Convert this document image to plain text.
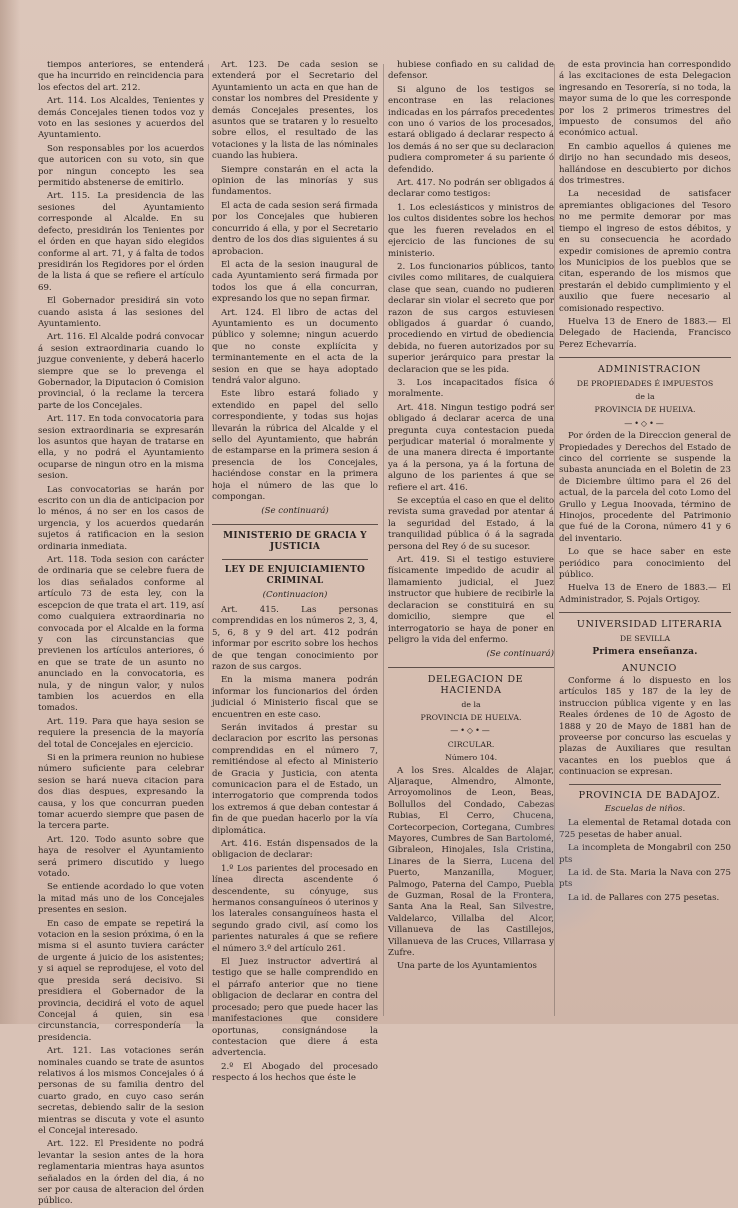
tiempos anteriores, se entenderá que ha incurrido en reincidencia para los efectos del art. 212.

Art. 114. Los Alcaldes, Tenientes y demás Concejales tienen todos voz y voto en las sesiones y acuerdos del Ayuntamiento.

Son responsables por los acuerdos que autoricen con su voto, sin que por ningun concepto les sea permitido abstenerse de emitirlo.

Art. 115. La presidencia de las sesiones del Ayuntamiento corresponde al Alcalde. En su defecto, presidirán los Tenientes por el órden en que hayan sido elegidos conforme al art. 71, y á falta de todos presidirán los Regidores por el órden de la lista á que se refiere el artículo 69.

El Gobernador presidirá sin voto cuando asista á las sesiones del Ayuntamiento.

Art. 116. El Alcalde podrá convocar á sesion extraordinaria cuando lo juzgue conveniente, y deberá hacerlo siempre que se lo prevenga el Gobernador, la Diputacion ó Comision provincial, ó la reclame la tercera parte de los Concejales.

Art. 117. En toda convocatoria para sesion extraordinaria se expresarán los asuntos que hayan de tratarse en ella, y no podrá el Ayuntamiento ocuparse de ningun otro en la misma sesion.

Las convocatorias se harán por escrito con un dia de anticipacion por lo ménos, á no ser en los casos de urgencia, y los acuerdos quedarán sujetos á ratificacion en la sesion ordinaria inmediata.

Art. 118. Toda sesion con carácter de ordinaria que se celebre fuera de los dias señalados conforme al artículo 73 de esta ley, con la escepcion de que trata el art. 119, así como cualquiera extraordinaria no convocada por el Alcalde en la forma y con las circunstancias que previenen los artículos anteriores, ó en que se trate de un asunto no anunciado en la convocatoria, es nula, y de ningun valor, y nulos tambien los acuerdos en ella tomados.

Art. 119. Para que haya sesion se requiere la presencia de la mayoría del total de Concejales en ejercicio.

Si en la primera reunion no hubiese número suficiente para celebrar sesion se hará nueva citacion para dos dias despues, expresando la causa, y los que concurran pueden tomar acuerdo siempre que pasen de la tercera parte.

Art. 120. Todo asunto sobre que haya de resolver el Ayuntamiento será primero discutido y luego votado.

Se entiende acordado lo que voten la mitad más uno de los Concejales presentes en sesion.

En caso de empate se repetirá la votacion en la sesion próxima, ó en la misma si el asunto tuviera carácter de urgente á juicio de los asistentes; y si aquel se reprodujese, el voto del que presida será decisivo. Si presidiera el Gobernador de la provincia, decidirá el voto de aquel Concejal á quien, sin esa circunstancia, correspondería la presidencia.

Art. 121. Las votaciones serán nominales cuando se trate de asuntos relativos á los mismos Concejales ó á personas de su familia dentro del cuarto grado, en cuyo caso serán secretas, debiendo salir de la sesion mientras se discuta y vote el asunto el Concejal interesado.

Art. 122. El Presidente no podrá levantar la sesion antes de la hora reglamentaria mientras haya asuntos señalados en la órden del dia, á no ser por causa de alteracion del órden público.

Art. 123. De cada sesion se extenderá por el Secretario del Ayuntamiento un acta en que han de constar los nombres del Presidente y demás Concejales presentes, los asuntos que se trataren y lo resuelto sobre ellos, el resultado de las votaciones y la lista de las nóminales cuando las hubiera.

Siempre constarán en el acta la opinion de las minorías y sus fundamentos.

El acta de cada sesion será firmada por los Concejales que hubieren concurrido á ella, y por el Secretario dentro de los dos dias siguientes á su aprobacion.

El acta de la sesion inaugural de cada Ayuntamiento será firmada por todos los que á ella concurran, expresando los que no sepan firmar.

Art. 124. El libro de actas del Ayuntamiento es un documento público y solemne; ningun acuerdo que no conste expliícita y terminantemente en el acta de la sesion en que se haya adoptado tendrá valor alguno.

Este libro estará foliado y extendido en papel del sello correspondiente, y todas sus hojas llevarán la rúbrica del Alcalde y el sello del Ayuntamiento, que habrán de estamparse en la primera sesion á presencia de los Concejales, haciéndose constar en la primera hoja el número de las que lo compongan.

(Se continuará)

MINISTERIO DE GRACIA Y JUSTICIA

LEY DE ENJUICIAMIENTO CRIMINAL

(Continuacion)

Art. 415. Las personas comprendidas en los números 2, 3, 4, 5, 6, 8 y 9 del art. 412 podrán informar por escrito sobre los hechos de que tengan conocimiento por razon de sus cargos.

En la misma manera podrán informar los funcionarios del órden judicial ó Ministerio fiscal que se encuentren en este caso.

Serán invitados á prestar su declaracion por escrito las personas comprendidas en el número 7, remitiéndose al efecto al Ministerio de Gracia y Justicia, con atenta comunicacion para el de Estado, un interrogatorio que comprenda todos los extremos á que deban contestar á fin de que puedan hacerlo por la vía diplomática.

Art. 416. Están dispensados de la obligacion de declarar:

1.º Los parientes del procesado en línea directa ascendente ó descendente, su cónyuge, sus hermanos consanguíneos ó uterinos y los laterales consanguíneos hasta el segundo grado civil, así como los parientes naturales á que se refiere el número 3.º del artículo 261.

El Juez instructor advertirá al testigo que se halle comprendido en el párrafo anterior que no tiene obligacion de declarar en contra del procesado; pero que puede hacer las manifestaciones que considere oportunas, consignándose la contestacion que diere á esta advertencia.

2.º El Abogado del procesado respecto á los hechos que éste le

hubiese confiado en su calidad de defensor.

Si alguno de los testigos se encontrase en las relaciones indicadas en los párrafos precedentes con uno ó varios de los procesados, estará obligado á declarar respecto á los demás á no ser que su declaracion pudiera comprometer á su pariente ó defendido.

Art. 417. No podrán ser obligados á declarar como testigos:

1. Los eclesiásticos y ministros de los cultos disidentes sobre los hechos que les fueren revelados en el ejercicio de las funciones de su ministerio.

2. Los funcionarios públicos, tanto civiles como militares, de cualquiera clase que sean, cuando no pudieren declarar sin violar el secreto que por razon de sus cargos estuviesen obligados á guardar ó cuando, procediendo en virtud de obediencia debida, no fueren autorizados por su superior jerárquico para prestar la declaracion que se les pida.

3. Los incapacitados física ó moralmente.

Art. 418. Ningun testigo podrá ser obligado á declarar acerca de una pregunta cuya contestacion pueda perjudicar material ó moralmente y de una manera directa é importante ya á la persona, ya á la fortuna de alguno de los parientes á que se refiere el art. 416.

Se exceptúa el caso en que el delito revista suma gravedad por atentar á la seguridad del Estado, á la tranquilidad pública ó á la sagrada persona del Rey ó de su sucesor.

Art. 419. Si el testigo estuviere físicamente impedido de acudir al llamamiento judicial, el Juez instructor que hubiere de recibirle la declaracion se constituirá en su domicilio, siempre que el interrogatorio se haya de poner en peligro la vida del enfermo.

(Se continuará)

DELEGACION DE HACIENDA

de la

PROVINCIA DE HUELVA.

—•◇•—

CIRCULAR.

Número 104.

A los Sres. Alcaldes de Alajar, Aljaraque, Almendro, Almonte, Arroyomolinos de Leon, Beas, Bollullos del Condado, Cabezas Rubias, El Cerro, Chucena, Cortecorpecion, Cortegana, Cumbres Mayores, Cumbres de San Bartolomé, Gibraleon, Hinojales, Isla Cristina, Linares de la Sierra, Lucena del Puerto, Manzanilla, Moguer, Palmogo, Paterna del Campo, Puebla de Guzman, Rosal de la Frontera, Santa Ana la Real, San Silvestre, Valdelarco, Villalba del Alcor, Villanueva de las Castillejos, Villanueva de las Cruces, Villarrasa y Zufre.

Una parte de los Ayuntamientos

de esta provincia han correspondido á las excitaciones de esta Delegacion ingresando en Tesorería, si no toda, la mayor suma de lo que les corresponde por los 2 primeros trimestres del impuesto de consumos del año económico actual.

En cambio aquellos á quienes me dirijo no han secundado mis deseos, hallándose en descubierto por dichos dos trimestres.

La necesidad de satisfacer apremiantes obligaciones del Tesoro no me permite demorar por mas tiempo el ingreso de estos débitos, y en su consecuencia he acordado expedir comisiones de apremio contra los Municipios de los pueblos que se citan, esperando de los mismos que prestarán el debido cumplimiento y el auxilio que fuere necesario al comisionado respectivo.

Huelva 13 de Enero de 1883.— El Delegado de Hacienda, Francisco Perez Echevarría.

ADMINISTRACION

DE PROPIEDADES É IMPUESTOS

de la

PROVINCIA DE HUELVA.

—•◇•—

Por órden de la Direccion general de Propiedades y Derechos del Estado de cinco del corriente se suspende la subasta anunciada en el Boletin de 23 de Diciembre último para el 26 del actual, de la parcela del coto Lomo del Grullo y Legua Inoovada, término de Hinojos, procedente del Patrimonio que fué de la Corona, número 41 y 6 del inventario.

Lo que se hace saber en este periódico para conocimiento del público.

Huelva 13 de Enero de 1883.— El Administrador, S. Pojals Ortigoy.

UNIVERSIDAD LITERARIA

DE SEVILLA

Primera enseñanza.

ANUNCIO

Conforme á lo dispuesto en los artículos 185 y 187 de la ley de instruccion pública vigente y en las Reales órdenes de 10 de Agosto de 1888 y 20 de Mayo de 1881 han de proveerse por concurso las escuelas y plazas de Auxiliares que resultan vacantes en los pueblos que á continuacion se expresan.

PROVINCIA DE BADAJOZ.

Escuelas de niños.

La elemental de Retamal dotada con 725 pesetas de haber anual.

La incompleta de Mongabril con 250 pts

La id. de Sta. Maria la Nava con 275 pts

La id. de Pallares con 275 pesetas.
